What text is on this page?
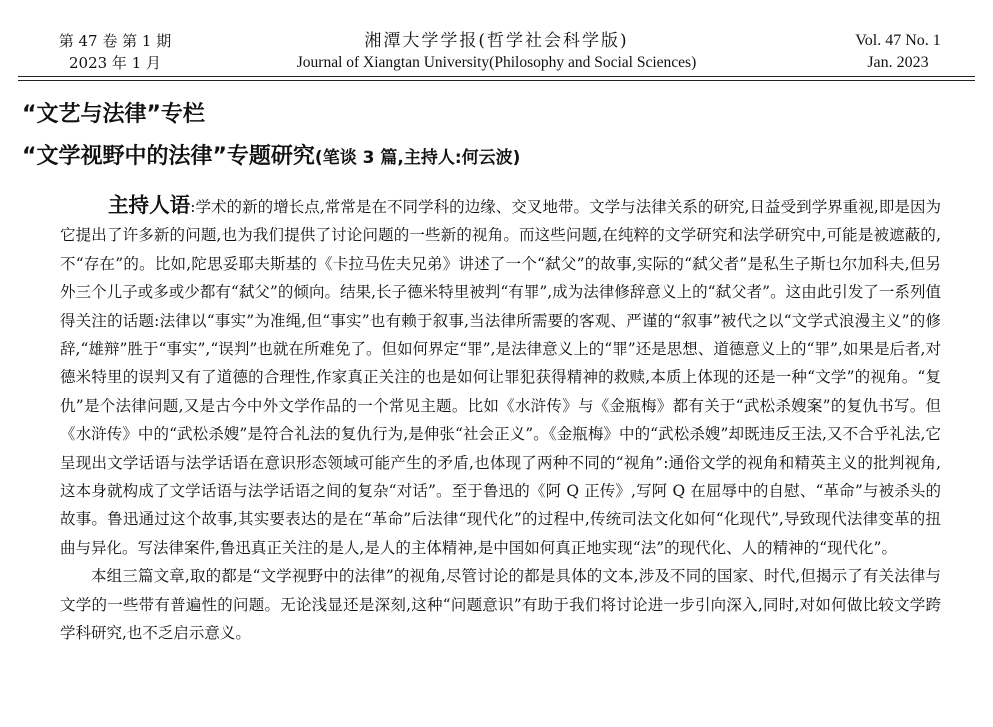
第 47 卷 第 1 期
2023 年 1 月
湘潭大学学报(哲学社会科学版)
Journal of Xiangtan University(Philosophy and Social Sciences)
Vol. 47 No. 1
Jan. 2023
“文艺与法律”专栏
“文学视野中的法律”专题研究(笔谈 3 篇,主持人:何云波)

主持人语:学术的新的增长点,常常是在不同学科的边缘、交叉地带。文学与法律关系的研究,日益受到学界重视,即是因为它提出了许多新的问题,也为我们提供了讨论问题的一些新的视角。而这些问题,在纯粹的文学研究和法学研究中,可能是被遮蔽的,不“存在”的。比如,陀思妥耶夫斯基的《卡拉马佐夫兄弟》讲述了一个“弑父”的故事,实际的“弑父者”是私生子斯乜尔加科夫,但另外三个儿子或多或少都有“弑父”的倾向。结果,长子德米特里被判“有罪”,成为法律修辞意义上的“弑父者”。这由此引发了一系列值得关注的话题:法律以“事实”为准绳,但“事实”也有赖于叙事,当法律所需要的客观、严谨的“叙事”被代之以“文学式浪漫主义”的修辞,“雄辩”胜于“事实”,“误判”也就在所难免了。但如何界定“罪”,是法律意义上的“罪”还是思想、道德意义上的“罪”,如果是后者,对德米特里的误判又有了道德的合理性,作家真正关注的也是如何让罪犯获得精神的救赎,本质上体现的还是一种“文学”的视角。“复仇”是个法律问题,又是古今中外文学作品的一个常见主题。比如《水浒传》与《金瓶梅》都有关于“武松杀嫂案”的复仇书写。但《水浒传》中的“武松杀嫂”是符合礼法的复仇行为,是伸张“社会正义”。《金瓶梅》中的“武松杀嫂”却既违反王法,又不合乎礼法,它呈现出文学话语与法学话语在意识形态领域可能产生的矛盾,也体现了两种不同的“视角”:通俗文学的视角和精英主义的批判视角,这本身就构成了文学话语与法学话语之间的复杂“对话”。至于鲁迅的《阿 Q 正传》,写阿 Q 在屈辱中的自慰、“革命”与被杀头的故事。鲁迅通过这个故事,其实要表达的是在“革命”后法律“现代化”的过程中,传统司法文化如何“化现代”,导致现代法律变革的扭曲与异化。写法律案件,鲁迅真正关注的是人,是人的主体精神,是中国如何真正地实现“法”的现代化、人的精神的“现代化”。

本组三篇文章,取的都是“文学视野中的法律”的视角,尽管讨论的都是具体的文本,涉及不同的国家、时代,但揭示了有关法律与文学的一些带有普遍性的问题。无论浅显还是深刻,这种“问题意识”有助于我们将讨论进一步引向深入,同时,对如何做比较文学跨学科研究,也不乏启示意义。
